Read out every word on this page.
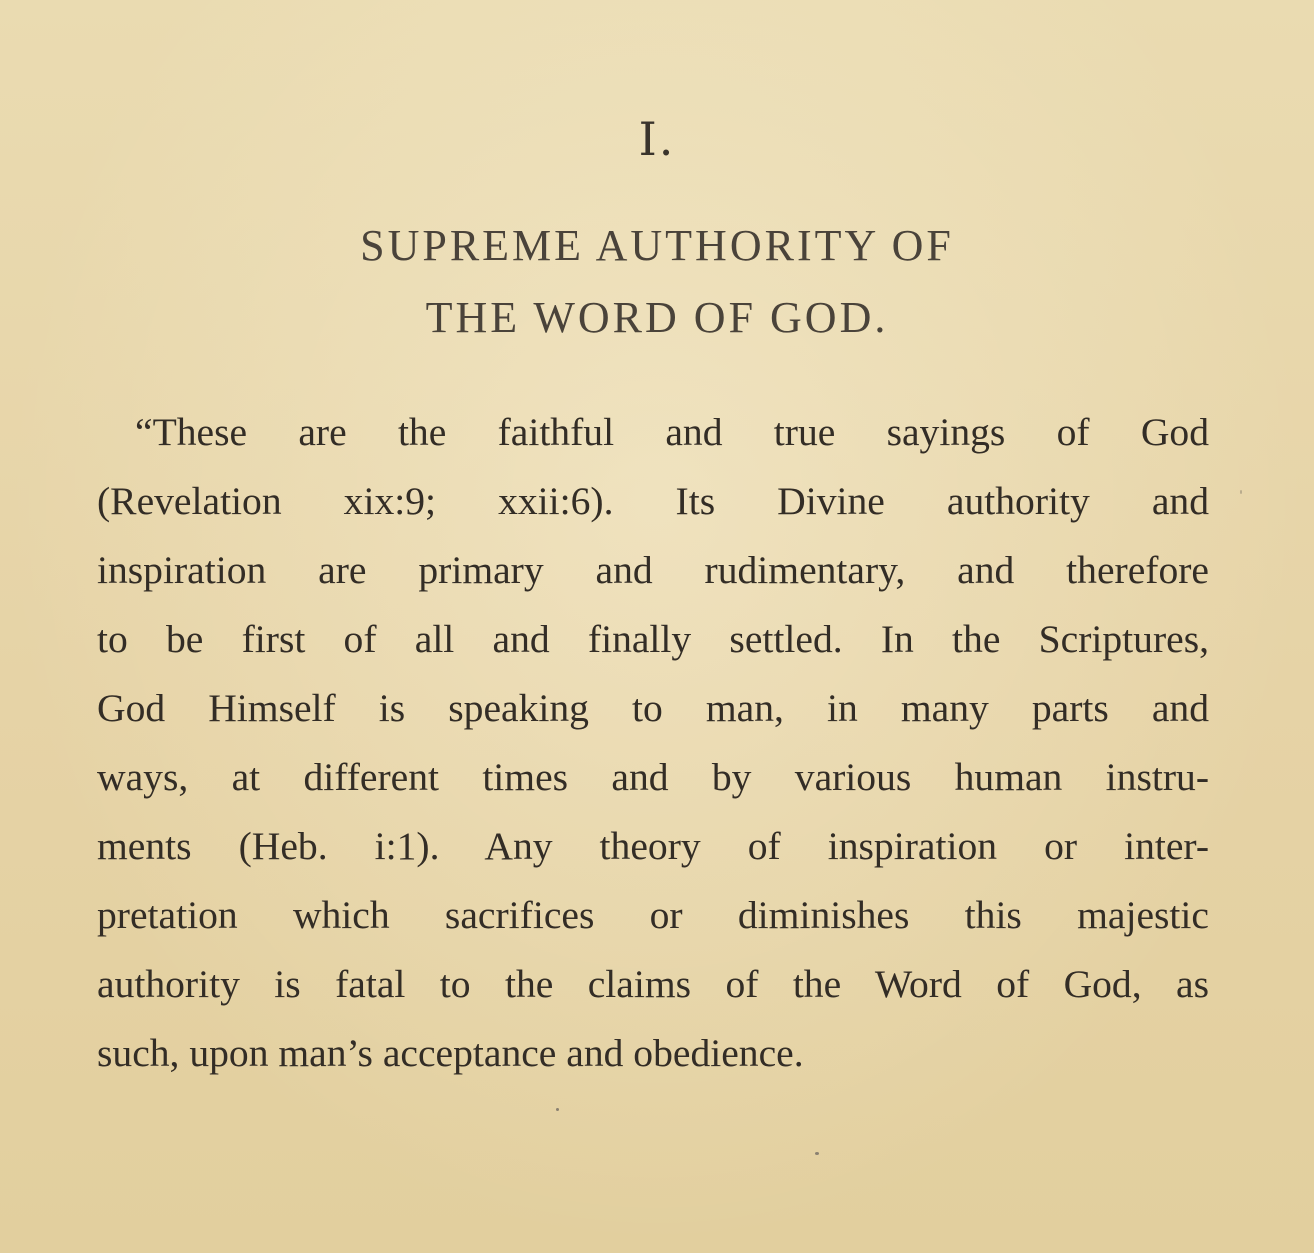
I.
SUPREME AUTHORITY OF
THE WORD OF GOD.
“These are the faithful and true sayings of God
(Revelation xix:9; xxii:6). Its Divine authority and
inspiration are primary and rudimentary, and therefore
to be first of all and finally settled. In the Scriptures,
God Himself is speaking to man, in many parts and
ways, at different times and by various human instru-
ments (Heb. i:1). Any theory of inspiration or inter-
pretation which sacrifices or diminishes this majestic
authority is fatal to the claims of the Word of God, as
such, upon man’s acceptance and obedience.
